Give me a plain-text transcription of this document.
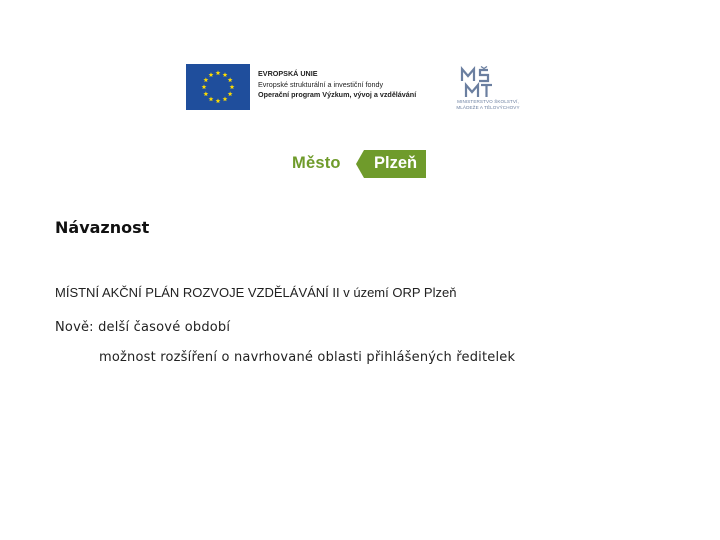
EVROPSKÁ UNIE
Evropské strukturální a investiční fondy
Operační program Výzkum, vývoj a vzdělávání
MINISTERSTVO ŠKOLSTVÍ,
MLÁDEŽE A TĚLOVÝCHOVY
Město Plzeň
Návaznost
MÍSTNÍ AKČNÍ PLÁN ROZVOJE VZDĚLÁVÁNÍ II v území ORP Plzeň
Nově: delší časové období
možnost rozšíření o navrhované oblasti přihlášených ředitelek
